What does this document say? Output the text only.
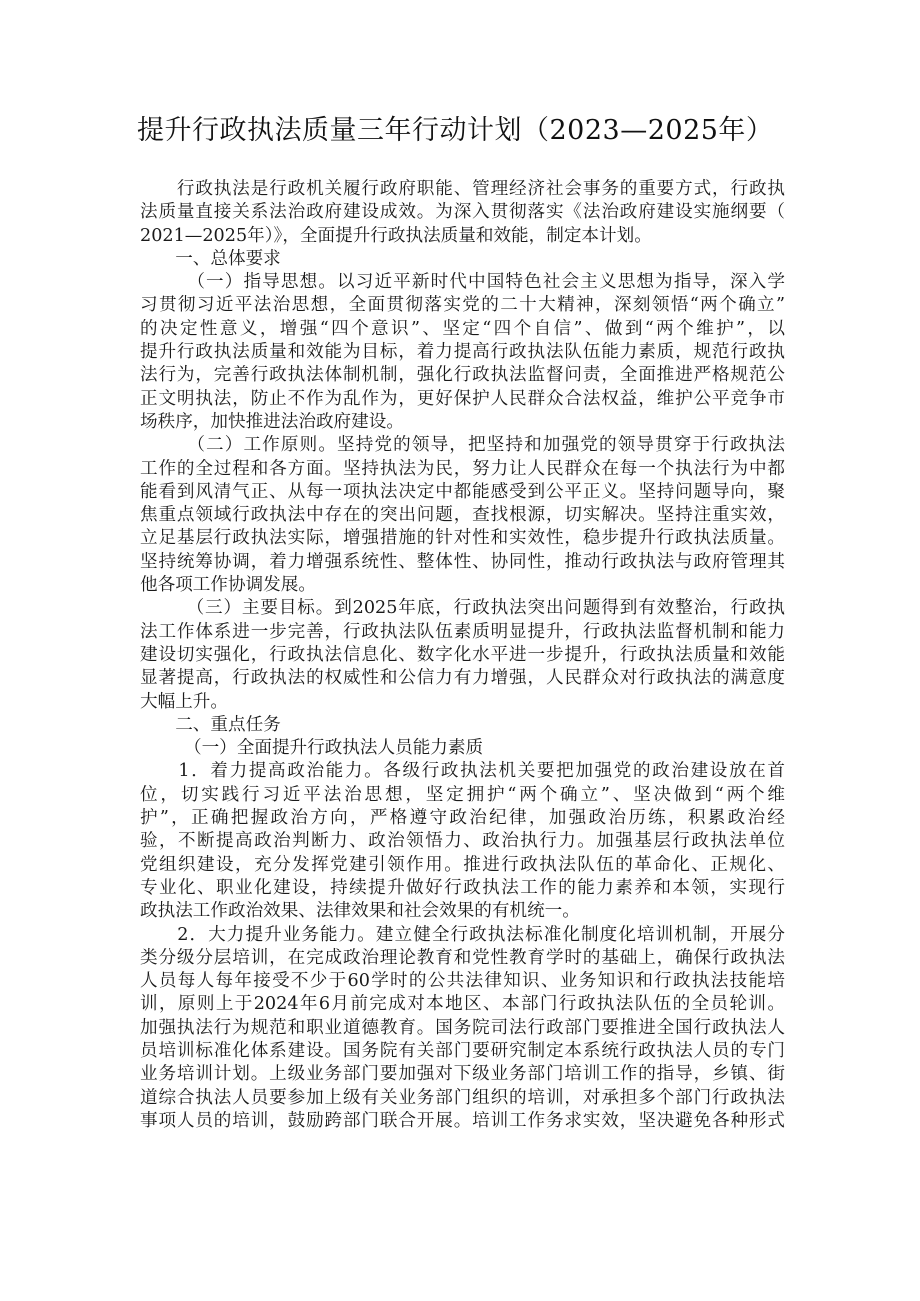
提升行政执法质量三年行动计划（2023—2025年）
　　行政执法是行政机关履行政府职能、管理经济社会事务的重要方式，行政执
法质量直接关系法治政府建设成效。为深入贯彻落实《法治政府建设实施纲要（
2021—2025年）》，全面提升行政执法质量和效能，制定本计划。
　　一、总体要求
　　　（一）指导思想。以习近平新时代中国特色社会主义思想为指导，深入学
习贯彻习近平法治思想，全面贯彻落实党的二十大精神，深刻领悟“两个确立”
的决定性意义，增强“四个意识”、坚定“四个自信”、做到“两个维护”，以
提升行政执法质量和效能为目标，着力提高行政执法队伍能力素质，规范行政执
法行为，完善行政执法体制机制，强化行政执法监督问责，全面推进严格规范公
正文明执法，防止不作为乱作为，更好保护人民群众合法权益，维护公平竞争市
场秩序，加快推进法治政府建设。
　　　（二）工作原则。坚持党的领导，把坚持和加强党的领导贯穿于行政执法
工作的全过程和各方面。坚持执法为民，努力让人民群众在每一个执法行为中都
能看到风清气正、从每一项执法决定中都能感受到公平正义。坚持问题导向，聚
焦重点领域行政执法中存在的突出问题，查找根源，切实解决。坚持注重实效，
立足基层行政执法实际，增强措施的针对性和实效性，稳步提升行政执法质量。
坚持统筹协调，着力增强系统性、整体性、协同性，推动行政执法与政府管理其
他各项工作协调发展。
　　　（三）主要目标。到2025年底，行政执法突出问题得到有效整治，行政执
法工作体系进一步完善，行政执法队伍素质明显提升，行政执法监督机制和能力
建设切实强化，行政执法信息化、数字化水平进一步提升，行政执法质量和效能
显著提高，行政执法的权威性和公信力有力增强，人民群众对行政执法的满意度
大幅上升。
　　二、重点任务
　　　（一）全面提升行政执法人员能力素质
　　1．着力提高政治能力。各级行政执法机关要把加强党的政治建设放在首
位，切实践行习近平法治思想，坚定拥护“两个确立”、坚决做到“两个维
护”，正确把握政治方向，严格遵守政治纪律，加强政治历练，积累政治经
验，不断提高政治判断力、政治领悟力、政治执行力。加强基层行政执法单位
党组织建设，充分发挥党建引领作用。推进行政执法队伍的革命化、正规化、
专业化、职业化建设，持续提升做好行政执法工作的能力素养和本领，实现行
政执法工作政治效果、法律效果和社会效果的有机统一。
　　2．大力提升业务能力。建立健全行政执法标准化制度化培训机制，开展分
类分级分层培训，在完成政治理论教育和党性教育学时的基础上，确保行政执法
人员每人每年接受不少于60学时的公共法律知识、业务知识和行政执法技能培
训，原则上于2024年6月前完成对本地区、本部门行政执法队伍的全员轮训。
加强执法行为规范和职业道德教育。国务院司法行政部门要推进全国行政执法人
员培训标准化体系建设。国务院有关部门要研究制定本系统行政执法人员的专门
业务培训计划。上级业务部门要加强对下级业务部门培训工作的指导，乡镇、街
道综合执法人员要参加上级有关业务部门组织的培训，对承担多个部门行政执法
事项人员的培训，鼓励跨部门联合开展。培训工作务求实效，坚决避免各种形式
